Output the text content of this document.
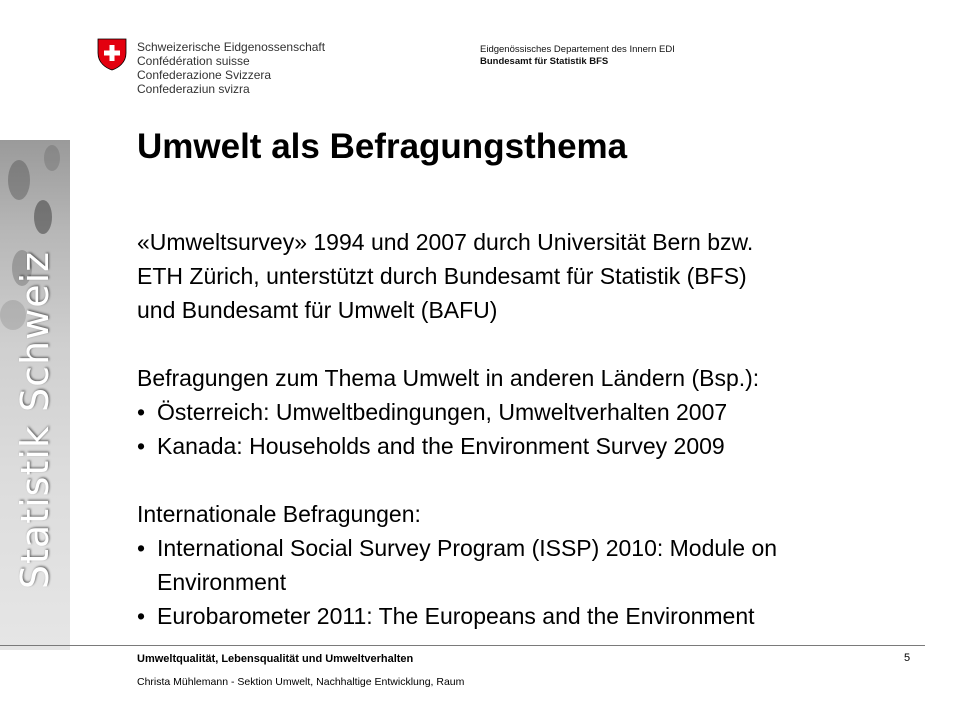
Statistik Schweiz
Schweizerische Eidgenossenschaft
Confédération suisse
Confederazione Svizzera
Confederaziun svizra
Eidgenössisches Departement des Innern EDI
Bundesamt für Statistik BFS
Umwelt als Befragungsthema

«Umweltsurvey» 1994 und 2007 durch Universität Bern bzw.

ETH Zürich, unterstützt durch Bundesamt für Statistik (BFS)

und Bundesamt für Umwelt (BAFU)

Befragungen zum Thema Umwelt in anderen Ländern (Bsp.):

• Österreich: Umweltbedingungen, Umweltverhalten 2007
• Kanada: Households and the Environment Survey 2009

Internationale Befragungen:

• International Social Survey Program (ISSP) 2010: Module on
Environment
• Eurobarometer 2011: The Europeans and the Environment
Umweltqualität, Lebensqualität und Umweltverhalten
Christa Mühlemann - Sektion Umwelt, Nachhaltige Entwicklung, Raum
5
